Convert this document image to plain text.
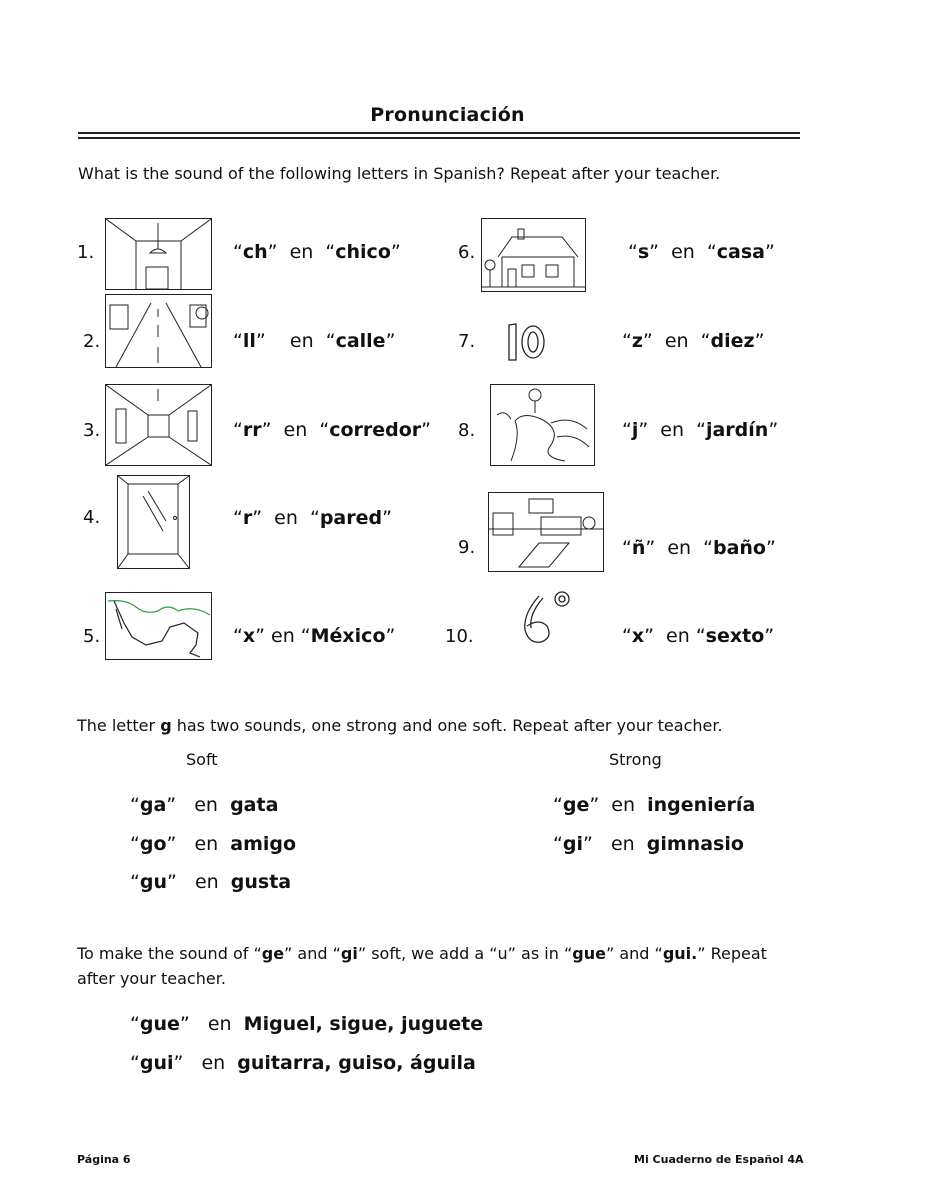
Pronunciación
What is the sound of the following letters in Spanish? Repeat after your teacher.
1.	“ch”  en  “chico”
2.	“ll”    en  “calle”
3.	“rr”  en  “corredor”
4.	“r”  en  “pared”
5.	“x” en “México”
6.	“s”  en  “casa”
7.	“z”  en  “diez”
8.	“j”  en  “jardín”
9.	“ñ”  en  “baño”
10.	“x”  en “sexto”
The letter g has two sounds, one strong and one soft. Repeat after your teacher.
Soft	Strong
“ga”   en gata
“go”   en amigo
“gu”   en gusta
“ge”  en ingeniería
“gi”   en gimnasio
To make the sound of “ge” and “gi” soft, we add a “u” as in “gue” and “gui.” Repeat
after your teacher.
“gue”   en Miguel, sigue, juguete
“gui”   en guitarra, guiso, águila
Página 6	Mi Cuaderno de Español 4A
